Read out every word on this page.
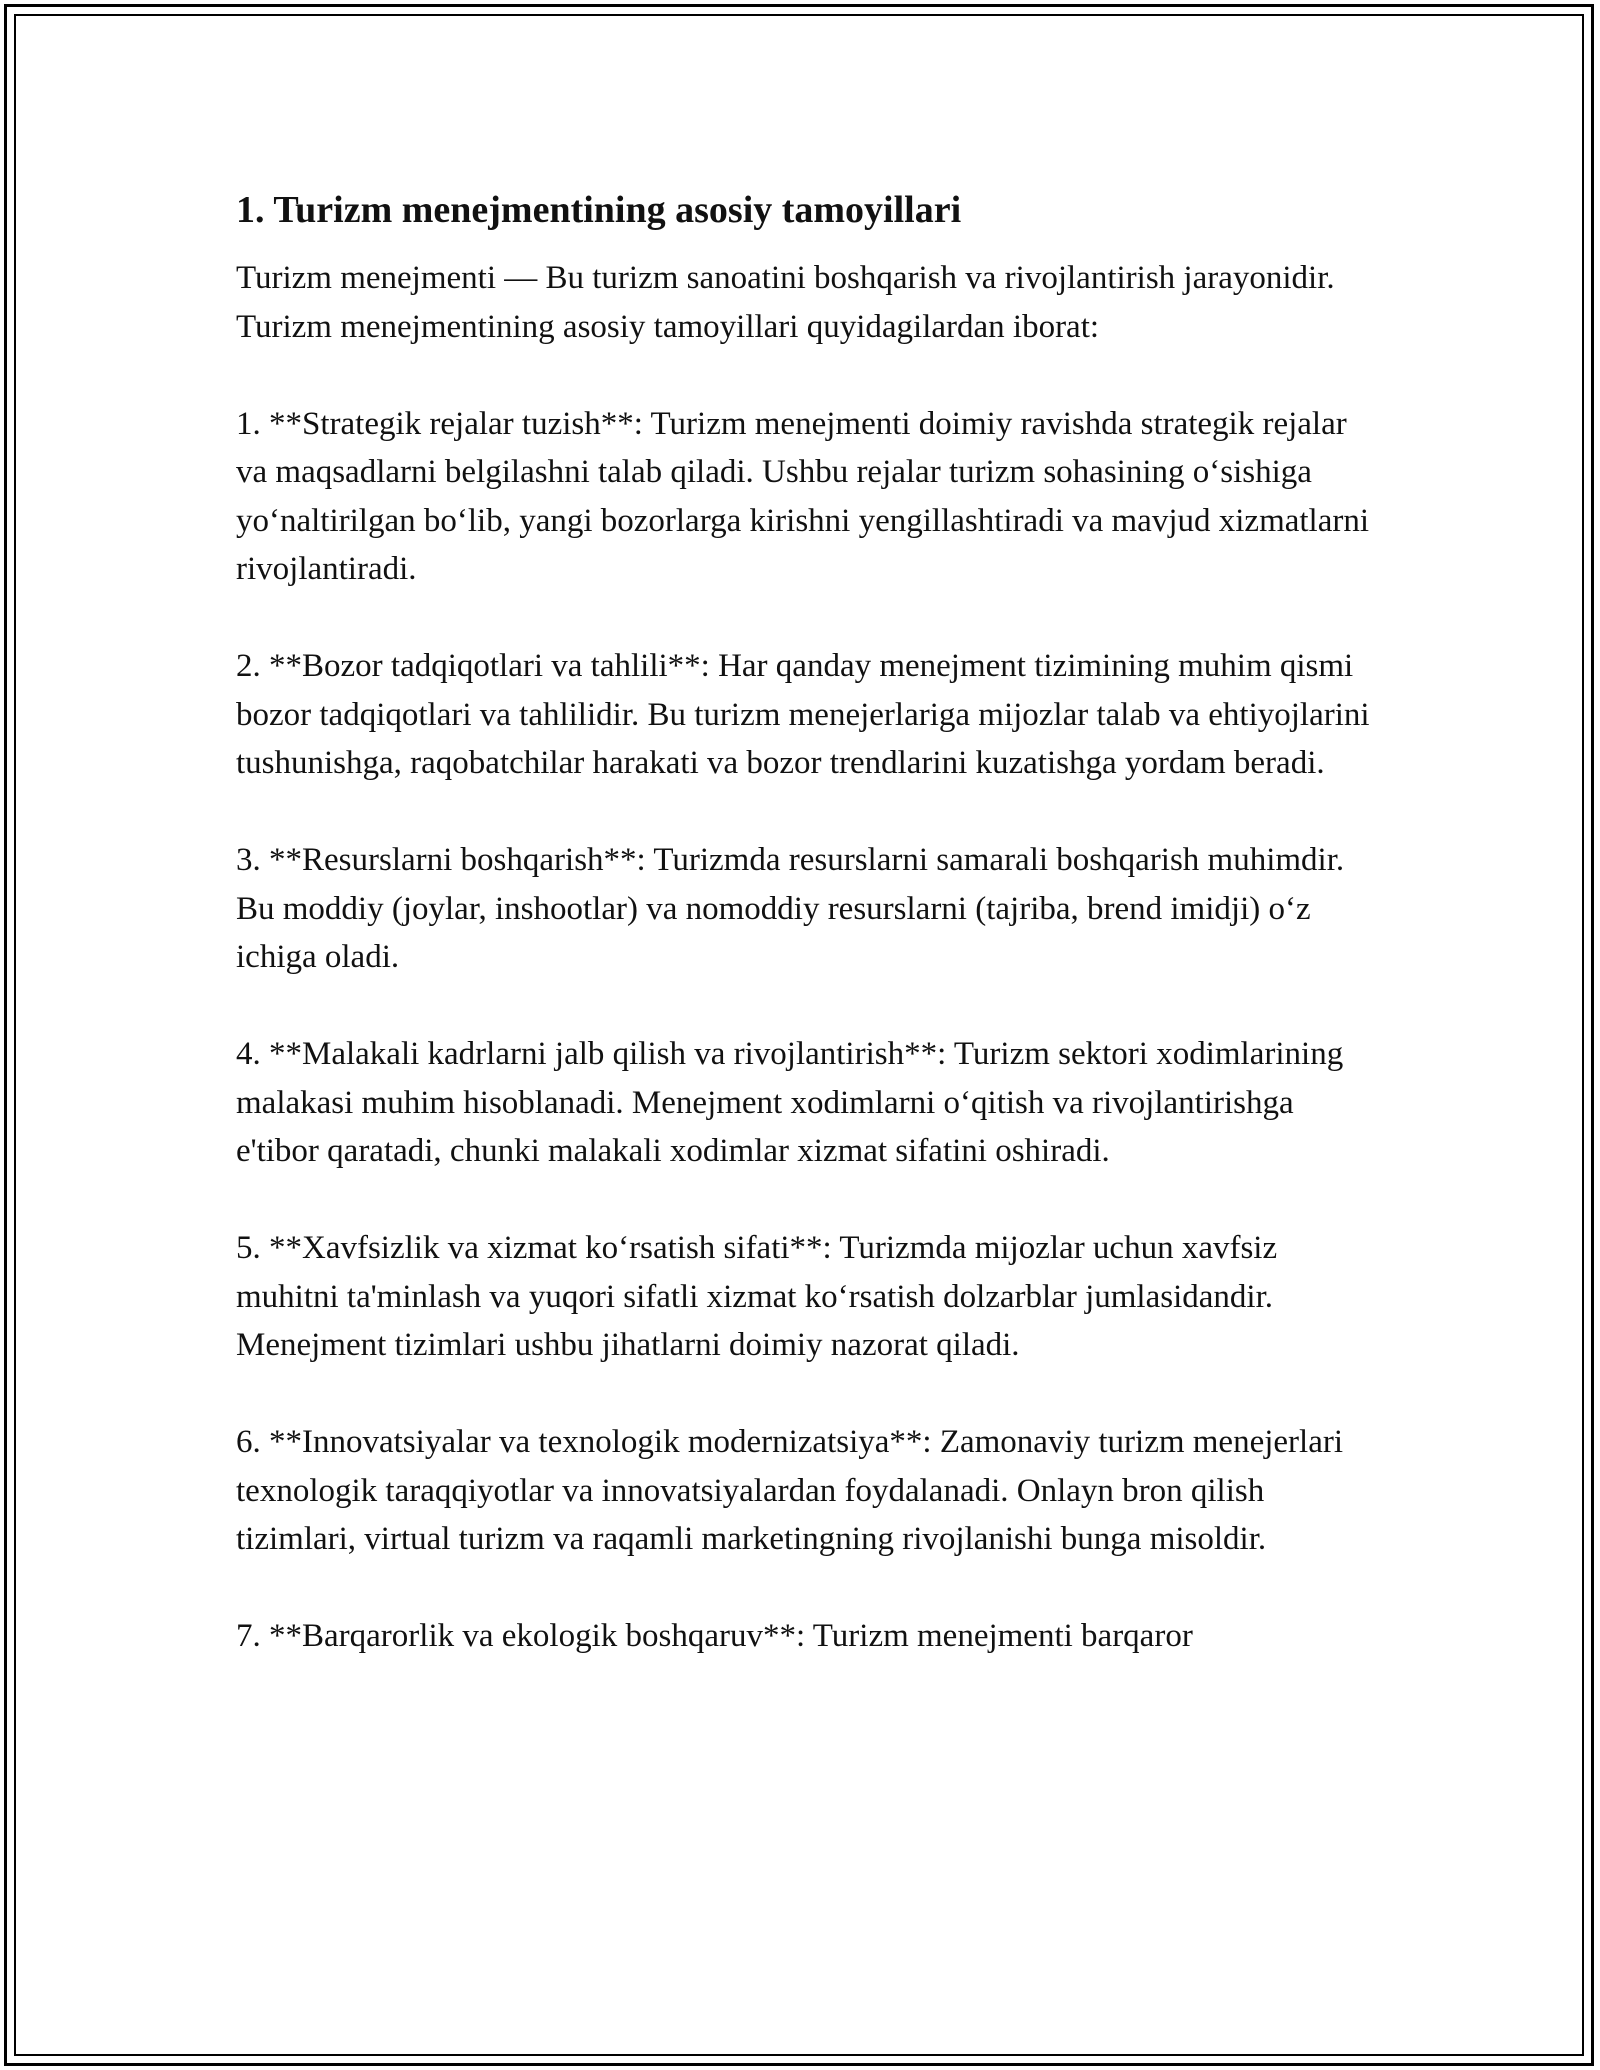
1. Turizm menejmentining asosiy tamoyillari

Turizm menejmenti — Bu turizm sanoatini boshqarish va rivojlantirish jarayonidir. Turizm menejmentining asosiy tamoyillari quyidagilardan iborat:

1. **Strategik rejalar tuzish**: Turizm menejmenti doimiy ravishda strategik rejalar va maqsadlarni belgilashni talab qiladi. Ushbu rejalar turizm sohasining o‘sishiga yo‘naltirilgan bo‘lib, yangi bozorlarga kirishni yengillashtiradi va mavjud xizmatlarni rivojlantiradi.

2. **Bozor tadqiqotlari va tahlili**: Har qanday menejment tizimining muhim qismi bozor tadqiqotlari va tahlilidir. Bu turizm menejerlariga mijozlar talab va ehtiyojlarini tushunishga, raqobatchilar harakati va bozor trendlarini kuzatishga yordam beradi.

3. **Resurslarni boshqarish**: Turizmda resurslarni samarali boshqarish muhimdir. Bu moddiy (joylar, inshootlar) va nomoddiy resurslarni (tajriba, brend imidji) o‘z ichiga oladi.

4. **Malakali kadrlarni jalb qilish va rivojlantirish**: Turizm sektori xodimlarining malakasi muhim hisoblanadi. Menejment xodimlarni o‘qitish va rivojlantirishga e'tibor qaratadi, chunki malakali xodimlar xizmat sifatini oshiradi.

5. **Xavfsizlik va xizmat ko‘rsatish sifati**: Turizmda mijozlar uchun xavfsiz muhitni ta'minlash va yuqori sifatli xizmat ko‘rsatish dolzarblar jumlasidandir. Menejment tizimlari ushbu jihatlarni doimiy nazorat qiladi.

6. **Innovatsiyalar va texnologik modernizatsiya**: Zamonaviy turizm menejerlari texnologik taraqqiyotlar va innovatsiyalardan foydalanadi. Onlayn bron qilish tizimlari, virtual turizm va raqamli marketingning rivojlanishi bunga misoldir.

7. **Barqarorlik va ekologik boshqaruv**: Turizm menejmenti barqaror
